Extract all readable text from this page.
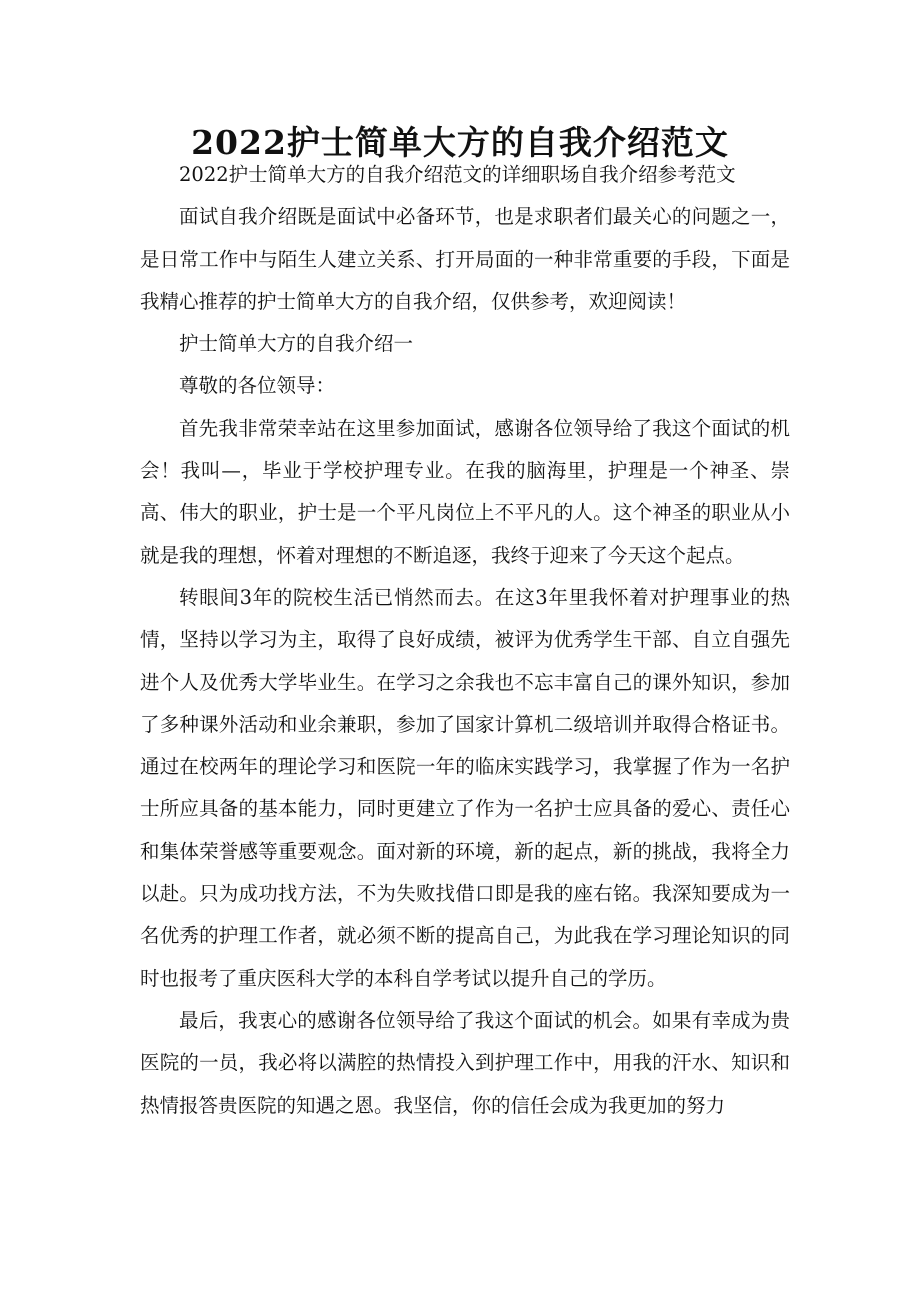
2022护士简单大方的自我介绍范文

2022护士简单大方的自我介绍范文的详细职场自我介绍参考范文

面试自我介绍既是面试中必备环节，也是求职者们最关心的问题之一，是日常工作中与陌生人建立关系、打开局面的一种非常重要的手段，下面是我精心推荐的护士简单大方的自我介绍，仅供参考，欢迎阅读！

护士简单大方的自我介绍一

尊敬的各位领导：

首先我非常荣幸站在这里参加面试，感谢各位领导给了我这个面试的机会！我叫—，毕业于学校护理专业。在我的脑海里，护理是一个神圣、崇高、伟大的职业，护士是一个平凡岗位上不平凡的人。这个神圣的职业从小就是我的理想，怀着对理想的不断追逐，我终于迎来了今天这个起点。

转眼间3年的院校生活已悄然而去。在这3年里我怀着对护理事业的热情，坚持以学习为主，取得了良好成绩，被评为优秀学生干部、自立自强先进个人及优秀大学毕业生。在学习之余我也不忘丰富自己的课外知识，参加了多种课外活动和业余兼职，参加了国家计算机二级培训并取得合格证书。通过在校两年的理论学习和医院一年的临床实践学习，我掌握了作为一名护士所应具备的基本能力，同时更建立了作为一名护士应具备的爱心、责任心和集体荣誉感等重要观念。面对新的环境，新的起点，新的挑战，我将全力以赴。只为成功找方法，不为失败找借口即是我的座右铭。我深知要成为一名优秀的护理工作者，就必须不断的提高自己，为此我在学习理论知识的同时也报考了重庆医科大学的本科自学考试以提升自己的学历。

最后，我衷心的感谢各位领导给了我这个面试的机会。如果有幸成为贵医院的一员，我必将以满腔的热情投入到护理工作中，用我的汗水、知识和热情报答贵医院的知遇之恩。我坚信，你的信任会成为我更加的努力
